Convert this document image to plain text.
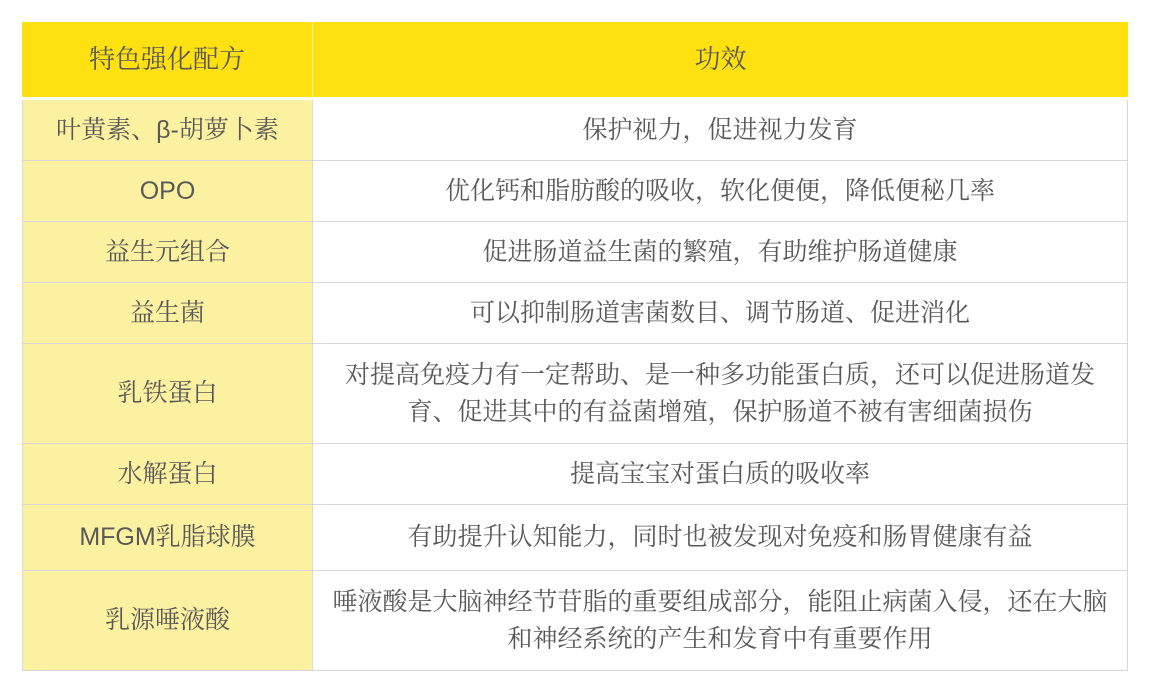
特色强化配方	功效
叶黄素、β-胡萝卜素	保护视力，促进视力发育
OPO	优化钙和脂肪酸的吸收，软化便便，降低便秘几率
益生元组合	促进肠道益生菌的繁殖，有助维护肠道健康
益生菌	可以抑制肠道害菌数目、调节肠道、促进消化
乳铁蛋白	对提高免疫力有一定帮助、是一种多功能蛋白质，还可以促进肠道发育、促进其中的有益菌增殖，保护肠道不被有害细菌损伤
水解蛋白	提高宝宝对蛋白质的吸收率
MFGM乳脂球膜	有助提升认知能力，同时也被发现对免疫和肠胃健康有益
乳源唾液酸	唾液酸是大脑神经节苷脂的重要组成部分，能阻止病菌入侵，还在大脑和神经系统的产生和发育中有重要作用
